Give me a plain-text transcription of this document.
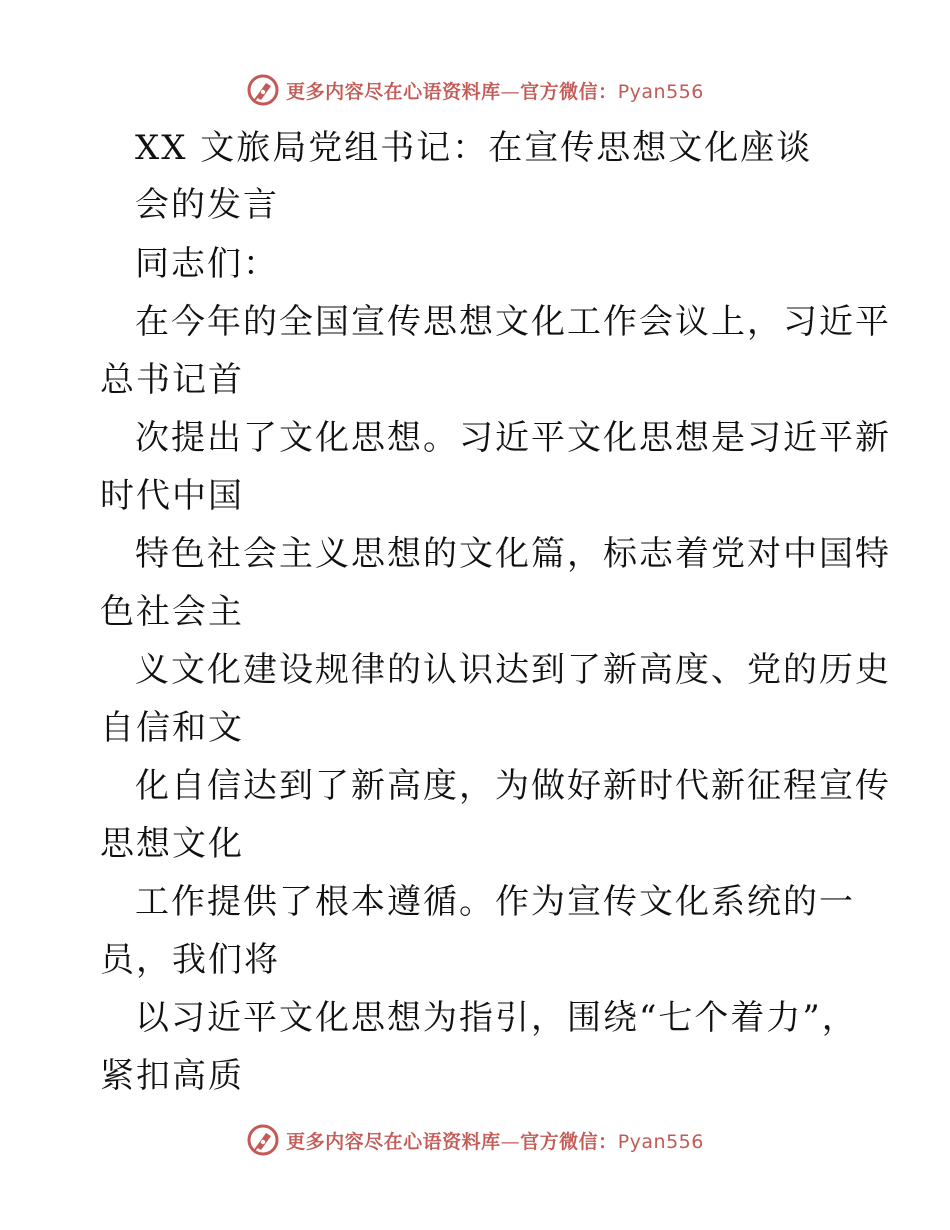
更多内容尽在心语资料库—官方微信：Pyan556
XX 文旅局党组书记：在宣传思想文化座谈
会的发言
同志们：
在今年的全国宣传思想文化工作会议上，习近平
总书记首
次提出了文化思想。习近平文化思想是习近平新
时代中国
特色社会主义思想的文化篇，标志着党对中国特
色社会主
义文化建设规律的认识达到了新高度、党的历史
自信和文
化自信达到了新高度，为做好新时代新征程宣传
思想文化
工作提供了根本遵循。作为宣传文化系统的一
员，我们将
以习近平文化思想为指引，围绕“七个着力”，
紧扣高质
更多内容尽在心语资料库—官方微信：Pyan556
